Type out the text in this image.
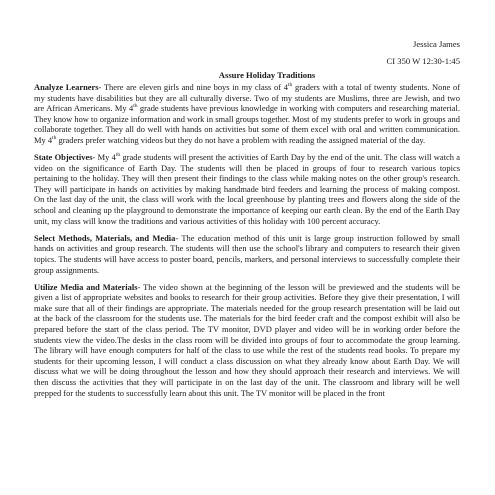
Jessica James
CI 350 W 12:30-1:45
Assure Holiday Traditions

Analyze Learners- There are eleven girls and nine boys in my class of 4th graders with a total of twenty students. None of my students have disabilities but they are all culturally diverse. Two of my students are Muslims, three are Jewish, and two are African Americans. My 4th grade students have previous knowledge in working with computers and researching material. They know how to organize information and work in small groups together. Most of my students prefer to work in groups and collaborate together. They all do well with hands on activities but some of them excel with oral and written communication. My 4th graders prefer watching videos but they do not have a problem with reading the assigned material of the day.

State Objectives- My 4th grade students will present the activities of Earth Day by the end of the unit. The class will watch a video on the significance of Earth Day. The students will then be placed in groups of four to research various topics pertaining to the holiday. They will then present their findings to the class while making notes on the other group's research. They will participate in hands on activities by making handmade bird feeders and learning the process of making compost. On the last day of the unit, the class will work with the local greenhouse by planting trees and flowers along the side of the school and cleaning up the playground to demonstrate the importance of keeping our earth clean. By the end of the Earth Day unit, my class will know the traditions and various activities of this holiday with 100 percent accuracy.

Select Methods, Materials, and Media- The education method of this unit is large group instruction followed by small hands on activities and group research. The students will then use the school's library and computers to research their given topics. The students will have access to poster board, pencils, markers, and personal interviews to successfully complete their group assignments.

Utilize Media and Materials- The video shown at the beginning of the lesson will be previewed and the students will be given a list of appropriate websites and books to research for their group activities. Before they give their presentation, I will make sure that all of their findings are appropriate. The materials needed for the group research presentation will be laid out at the back of the classroom for the students use. The materials for the bird feeder craft and the compost exhibit will also be prepared before the start of the class period. The TV monitor, DVD player and video will be in working order before the students view the video.The desks in the class room will be divided into groups of four to accommodate the group learning. The library will have enough computers for half of the class to use while the rest of the students read books. To prepare my students for their upcoming lesson, I will conduct a class discussion on what they already know about Earth Day. We will discuss what we will be doing throughout the lesson and how they should approach their research and interviews. We will then discuss the activities that they will participate in on the last day of the unit. The classroom and library will be well prepped for the students to successfully learn about this unit. The TV monitor will be placed in the front
